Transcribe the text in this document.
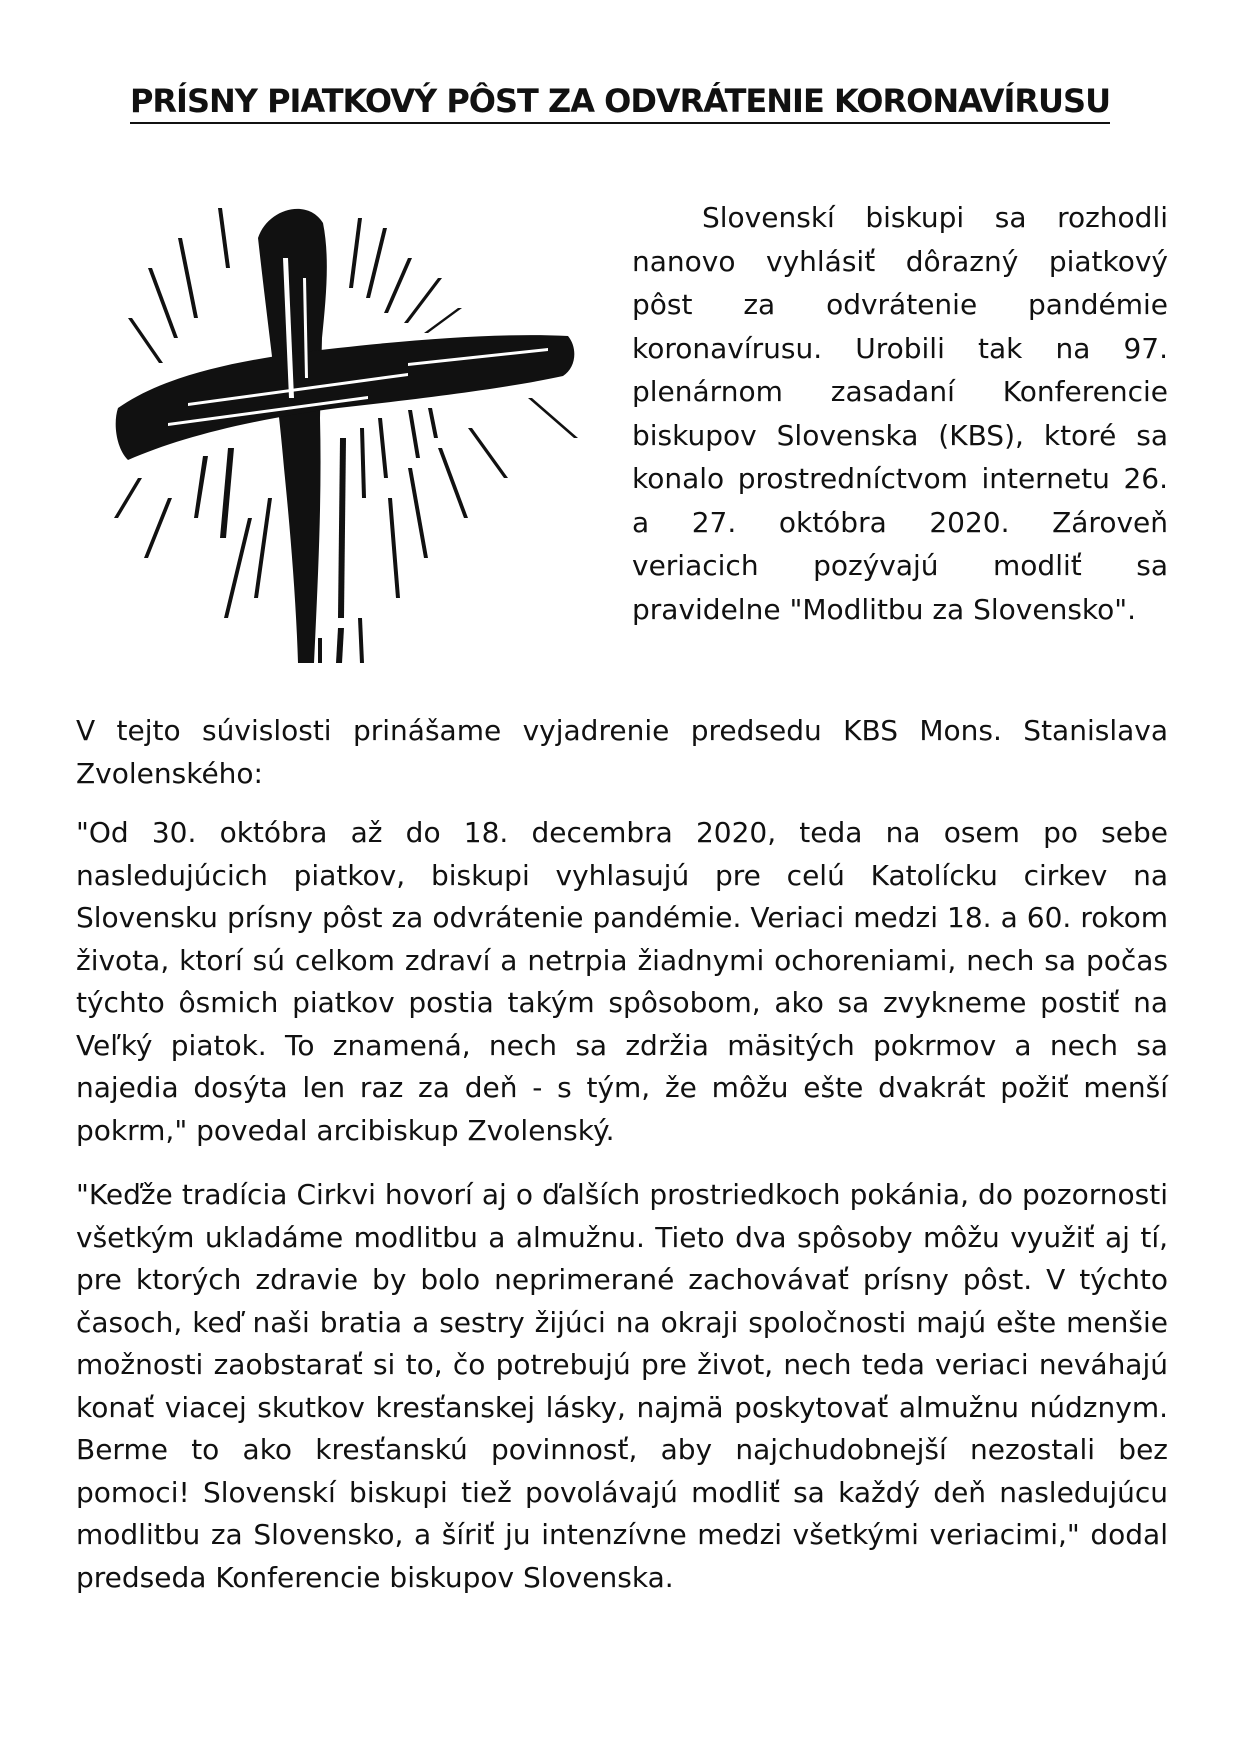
PRÍSNY PIATKOVÝ PÔST ZA ODVRÁTENIE KORONAVÍRUSU

Slovenskí biskupi sa rozhodli nanovo vyhlásiť dôrazný piatkový pôst za odvrátenie pandémie koronavírusu. Urobili tak na 97. plenárnom zasadaní Konferencie biskupov Slovenska (KBS), ktoré sa konalo prostredníctvom internetu 26. a 27. októbra 2020. Zároveň veriacich pozývajú modliť sa pravidelne "Modlitbu za Slovensko".

V tejto súvislosti prinášame vyjadrenie predsedu KBS Mons. Stanislava Zvolenského:

"Od 30. októbra až do 18. decembra 2020, teda na osem po sebe nasledujúcich piatkov, biskupi vyhlasujú pre celú Katolícku cirkev na Slovensku prísny pôst za odvrátenie pandémie. Veriaci medzi 18. a 60. rokom života, ktorí sú celkom zdraví a netrpia žiadnymi ochoreniami, nech sa počas týchto ôsmich piatkov postia takým spôsobom, ako sa zvykneme postiť na Veľký piatok. To znamená, nech sa zdržia mäsitých pokrmov a nech sa najedia dosýta len raz za deň - s tým, že môžu ešte dvakrát požiť menší pokrm," povedal arcibiskup Zvolenský.

"Keďže tradícia Cirkvi hovorí aj o ďalších prostriedkoch pokánia, do pozornosti všetkým ukladáme modlitbu a almužnu. Tieto dva spôsoby môžu využiť aj tí, pre ktorých zdravie by bolo neprimerané zachovávať prísny pôst. V týchto časoch, keď naši bratia a sestry žijúci na okraji spoločnosti majú ešte menšie možnosti zaobstarať si to, čo potrebujú pre život, nech teda veriaci neváhajú konať viacej skutkov kresťanskej lásky, najmä poskytovať almužnu núdznym. Berme to ako kresťanskú povinnosť, aby najchudobnejší nezostali bez pomoci! Slovenskí biskupi tiež povolávajú modliť sa každý deň nasledujúcu modlitbu za Slovensko, a šíriť ju intenzívne medzi všetkými veriacimi," dodal predseda Konferencie biskupov Slovenska.
